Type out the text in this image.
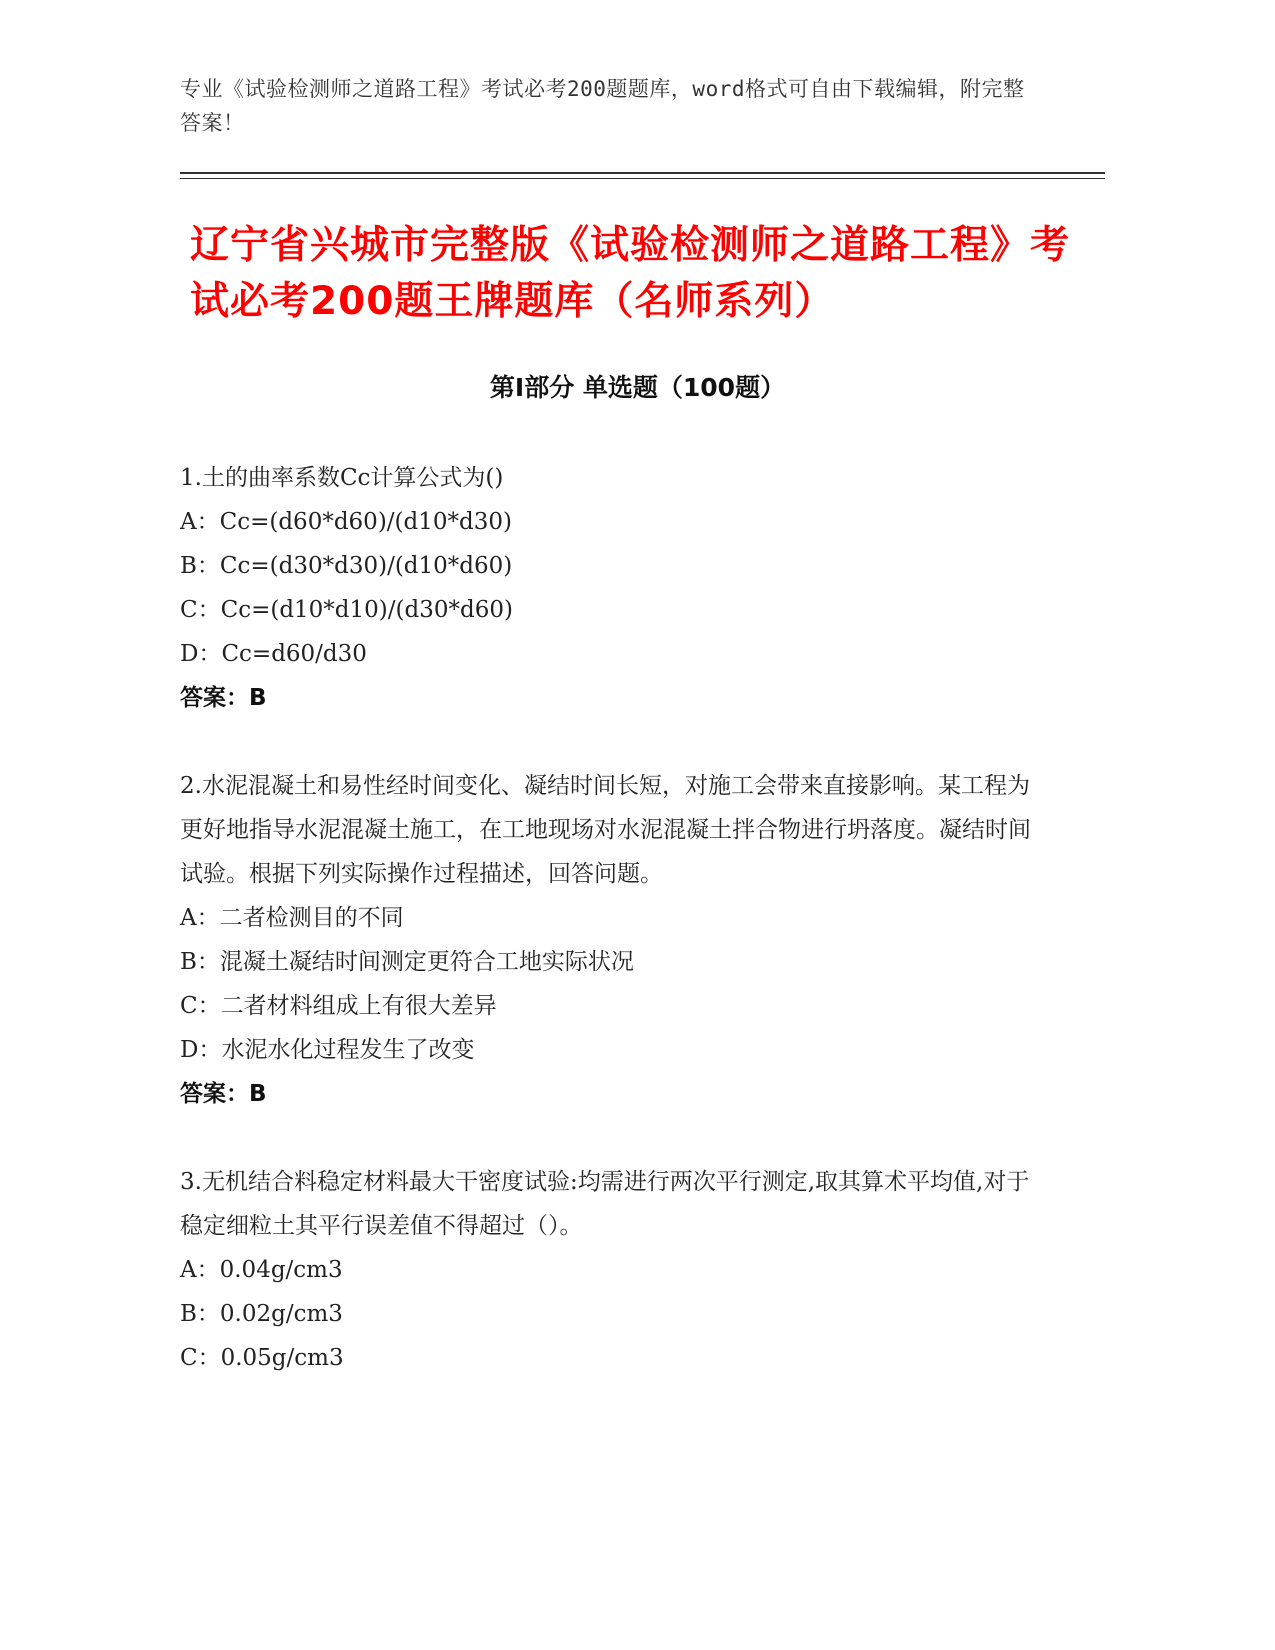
专业《试验检测师之道路工程》考试必考200题题库，word格式可自由下载编辑，附完整答案！
辽宁省兴城市完整版《试验检测师之道路工程》考试必考200题王牌题库（名师系列）
第Ⅰ部分 单选题（100题）
1.土的曲率系数Cc计算公式为()
A：Cc=(d60*d60)/(d10*d30)
B：Cc=(d30*d30)/(d10*d60)
C：Cc=(d10*d10)/(d30*d60)
D：Cc=d60/d30
答案：B
2.水泥混凝土和易性经时间变化、凝结时间长短，对施工会带来直接影响。某工程为更好地指导水泥混凝土施工，在工地现场对水泥混凝土拌合物进行坍落度。凝结时间试验。根据下列实际操作过程描述，回答问题。
A：二者检测目的不同
B：混凝土凝结时间测定更符合工地实际状况
C：二者材料组成上有很大差异
D：水泥水化过程发生了改变
答案：B
3.无机结合料稳定材料最大干密度试验:均需进行两次平行测定,取其算术平均值,对于稳定细粒土其平行误差值不得超过（）。
A：0.04g/cm3
B：0.02g/cm3
C：0.05g/cm3
